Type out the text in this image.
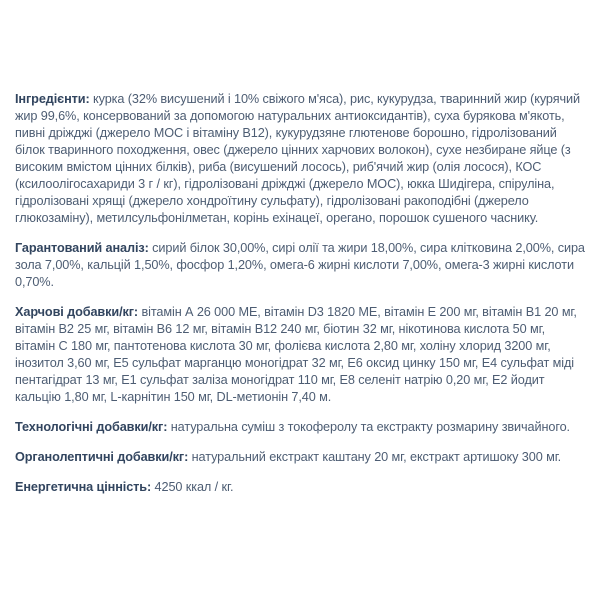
Інгредієнти: курка (32% висушений і 10% свіжого м'яса), рис, кукурудза, тваринний жир (курячий жир 99,6%, консервований за допомогою натуральних антиоксидантів), суха бурякова м'якоть, пивні дріжджі (джерело МОС і вітаміну В12), кукурудзяне глютенове борошно, гідролізований білок тваринного походження, овес (джерело цінних харчових волокон), сухе незбиране яйце (з високим вмістом цінних білків), риба (висушений лосось), риб'ячий жир (олія лосося), КОС (ксилоолігосахариди 3 г / кг), гідролізовані дріжджі (джерело МОС), юкка Шидігера, спіруліна, гідролізовані хрящі (джерело хондроїтину сульфату), гідролізовані ракоподібні (джерело глюкозаміну), метилсульфонілметан, корінь ехінацеї, орегано, порошок сушеного часнику.

Гарантований аналіз: сирий білок 30,00%, сирі олії та жири 18,00%, сира клітковина 2,00%, сира зола 7,00%, кальцій 1,50%, фосфор 1,20%, омега-6 жирні кислоти 7,00%, омега-3 жирні кислоти 0,70%.

Харчові добавки/кг: вітамін А 26 000 МЕ, вітамін D3 1820 МЕ, вітамін Е 200 мг, вітамін В1 20 мг, вітамін В2 25 мг, вітамін В6 12 мг, вітамін В12 240 мг, біотин 32 мг, нікотинова кислота 50 мг, вітамін С 180 мг, пантотенова кислота 30 мг, фолієва кислота 2,80 мг, холіну хлорид 3200 мг, інозитол 3,60 мг, Е5 сульфат марганцю моногідрат 32 мг, Е6 оксид цинку 150 мг, Е4 сульфат міді пентагідрат 13 мг, Е1 сульфат заліза моногідрат 110 мг, Е8 селеніт натрію 0,20 мг, Е2 йодит кальцію 1,80 мг, L-карнітин 150 мг, DL-метионін 7,40 м.

Технологічні добавки/кг: натуральна суміш з токоферолу та екстракту розмарину звичайного.

Органолептичні добавки/кг: натуральний екстракт каштану 20 мг, екстракт артишоку 300 мг.

Енергетична цінність: 4250 ккал / кг.
